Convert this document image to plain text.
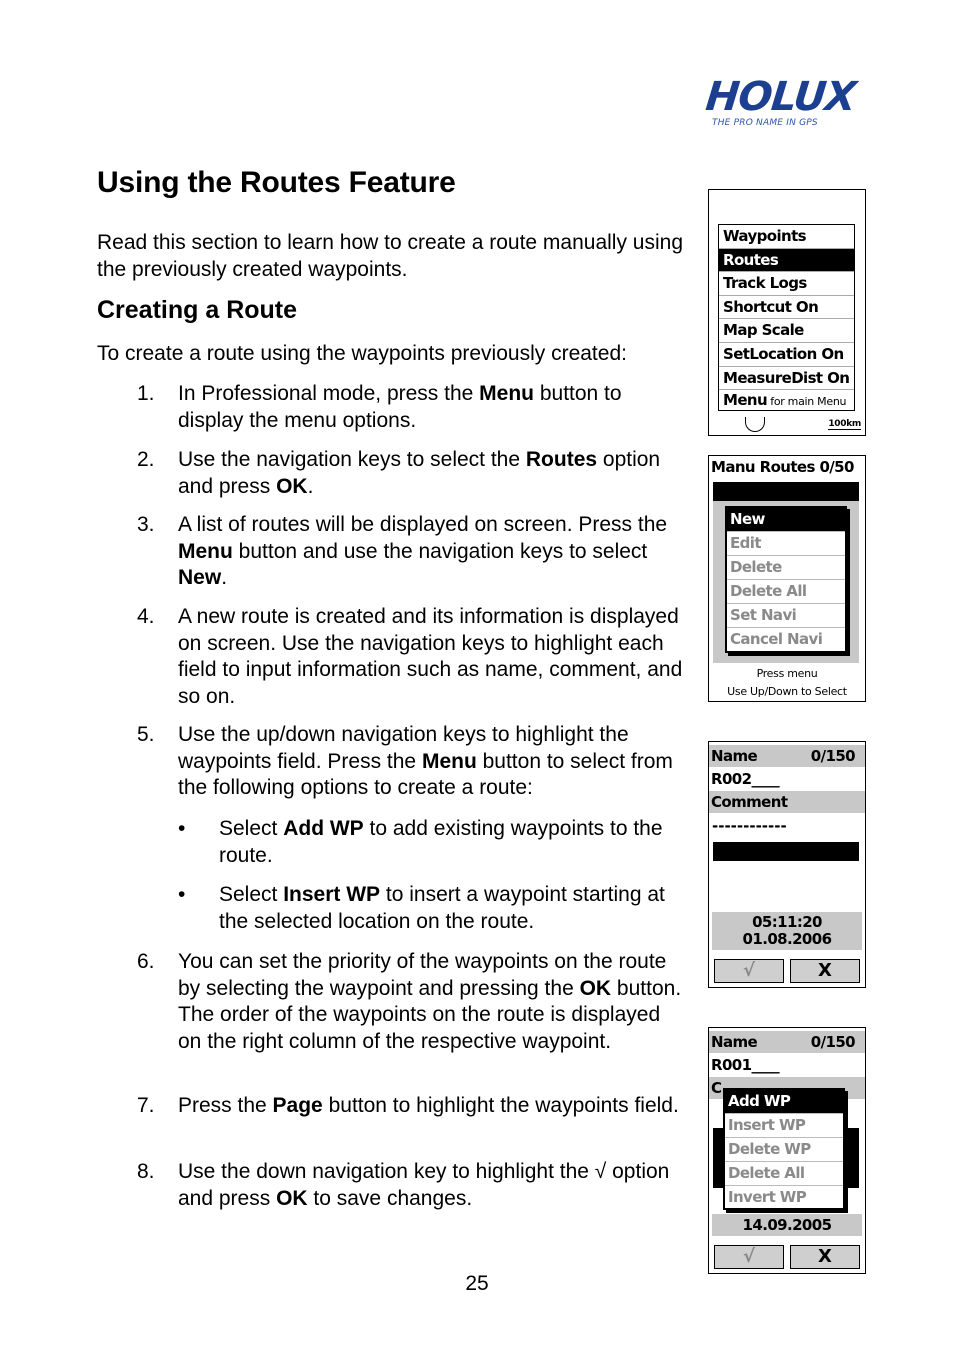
HOLUX
THE PRO NAME IN GPS
Using the Routes Feature

Read this section to learn how to create a route manually using the previously created waypoints.

Creating a Route

To create a route using the waypoints previously created:

1. In Professional mode, press the Menu button to display the menu options.
2. Use the navigation keys to select the Routes option and press OK.
3. A list of routes will be displayed on screen. Press the Menu button and use the navigation keys to select New.
4. A new route is created and its information is displayed on screen. Use the navigation keys to highlight each field to input information such as name, comment, and so on.
5. Use the up/down navigation keys to highlight the waypoints field. Press the Menu button to select from the following options to create a route:
• Select Add WP to add existing waypoints to the route.
• Select Insert WP to insert a waypoint starting at the selected location on the route.
6. You can set the priority of the waypoints on the route by selecting the waypoint and pressing the OK button. The order of the waypoints on the route is displayed on the right column of the respective waypoint.
7. Press the Page button to highlight the waypoints field.
8. Use the down navigation key to highlight the √ option and press OK to save changes.
25
Waypoints
Routes
Track Logs
Shortcut On
Map Scale
SetLocation On
MeasureDist On
Menu for main Menu
100km
Manu Routes 0/50
New
Edit
Delete
Delete All
Set Navi
Cancel Navi
Press menu
Use Up/Down to Select
Name	0/150
R002____
Comment
------------
05:11:20
01.08.2006
√	X
Name	0/150
R001____
C
Add WP
Insert WP
Delete WP
Delete All
Invert WP
14.09.2005
√	X
